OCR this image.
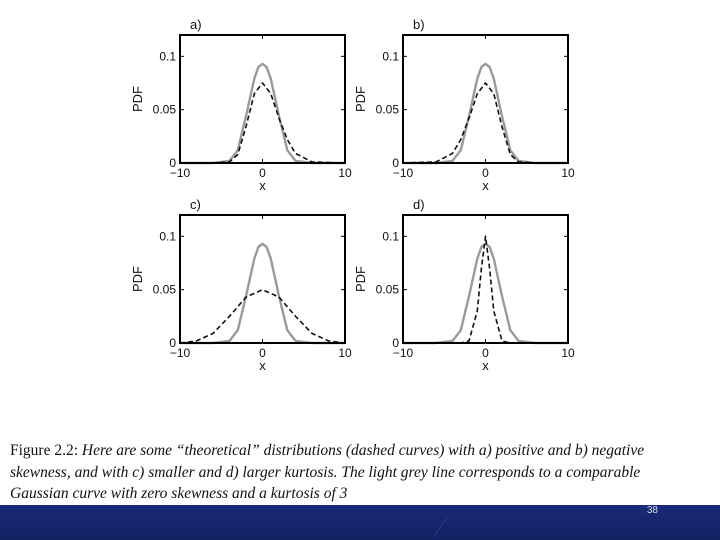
−10	0	10
0
0.05
0.1
x
PDF
a)
−10	0	10
0
0.05
0.1
x
PDF
b)
−10	0	10
0
0.05
0.1
x
PDF
c)
−10	0	10
0
0.05
0.1
x
PDF
d)
Figure 2.2: Here are some “theoretical” distributions (dashed curves) with a) positive and b) negative skewness, and with c) smaller and d) larger kurtosis. The light grey line corresponds to a comparable Gaussian curve with zero skewness and a kurtosis of 3
38
